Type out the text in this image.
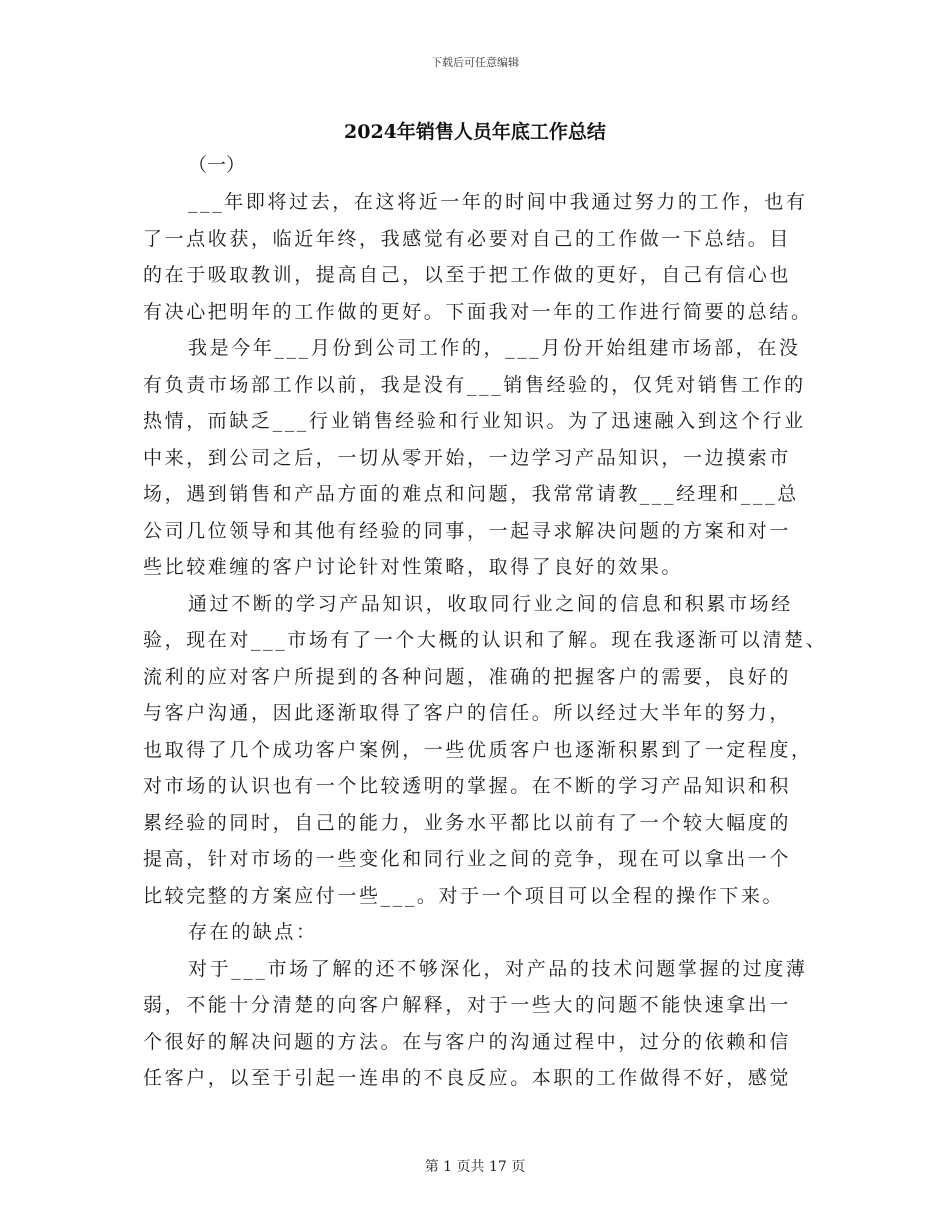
下载后可任意编辑
2024年销售人员年底工作总结
（一）
___年即将过去，在这将近一年的时间中我通过努力的工作，也有
了一点收获，临近年终，我感觉有必要对自己的工作做一下总结。目
的在于吸取教训，提高自己，以至于把工作做的更好，自己有信心也
有决心把明年的工作做的更好。下面我对一年的工作进行简要的总结。
我是今年___月份到公司工作的，___月份开始组建市场部，在没
有负责市场部工作以前，我是没有___销售经验的，仅凭对销售工作的
热情，而缺乏___行业销售经验和行业知识。为了迅速融入到这个行业
中来，到公司之后，一切从零开始，一边学习产品知识，一边摸索市
场，遇到销售和产品方面的难点和问题，我常常请教___经理和___总
公司几位领导和其他有经验的同事，一起寻求解决问题的方案和对一
些比较难缠的客户讨论针对性策略，取得了良好的效果。
通过不断的学习产品知识，收取同行业之间的信息和积累市场经
验，现在对___市场有了一个大概的认识和了解。现在我逐渐可以清楚、
流利的应对客户所提到的各种问题，准确的把握客户的需要，良好的
与客户沟通，因此逐渐取得了客户的信任。所以经过大半年的努力，
也取得了几个成功客户案例，一些优质客户也逐渐积累到了一定程度，
对市场的认识也有一个比较透明的掌握。在不断的学习产品知识和积
累经验的同时，自己的能力，业务水平都比以前有了一个较大幅度的
提高，针对市场的一些变化和同行业之间的竞争，现在可以拿出一个
比较完整的方案应付一些___。对于一个项目可以全程的操作下来。
存在的缺点：
对于___市场了解的还不够深化，对产品的技术问题掌握的过度薄
弱，不能十分清楚的向客户解释，对于一些大的问题不能快速拿出一
个很好的解决问题的方法。在与客户的沟通过程中，过分的依赖和信
任客户，以至于引起一连串的不良反应。本职的工作做得不好，感觉
第 1 页共 17 页
